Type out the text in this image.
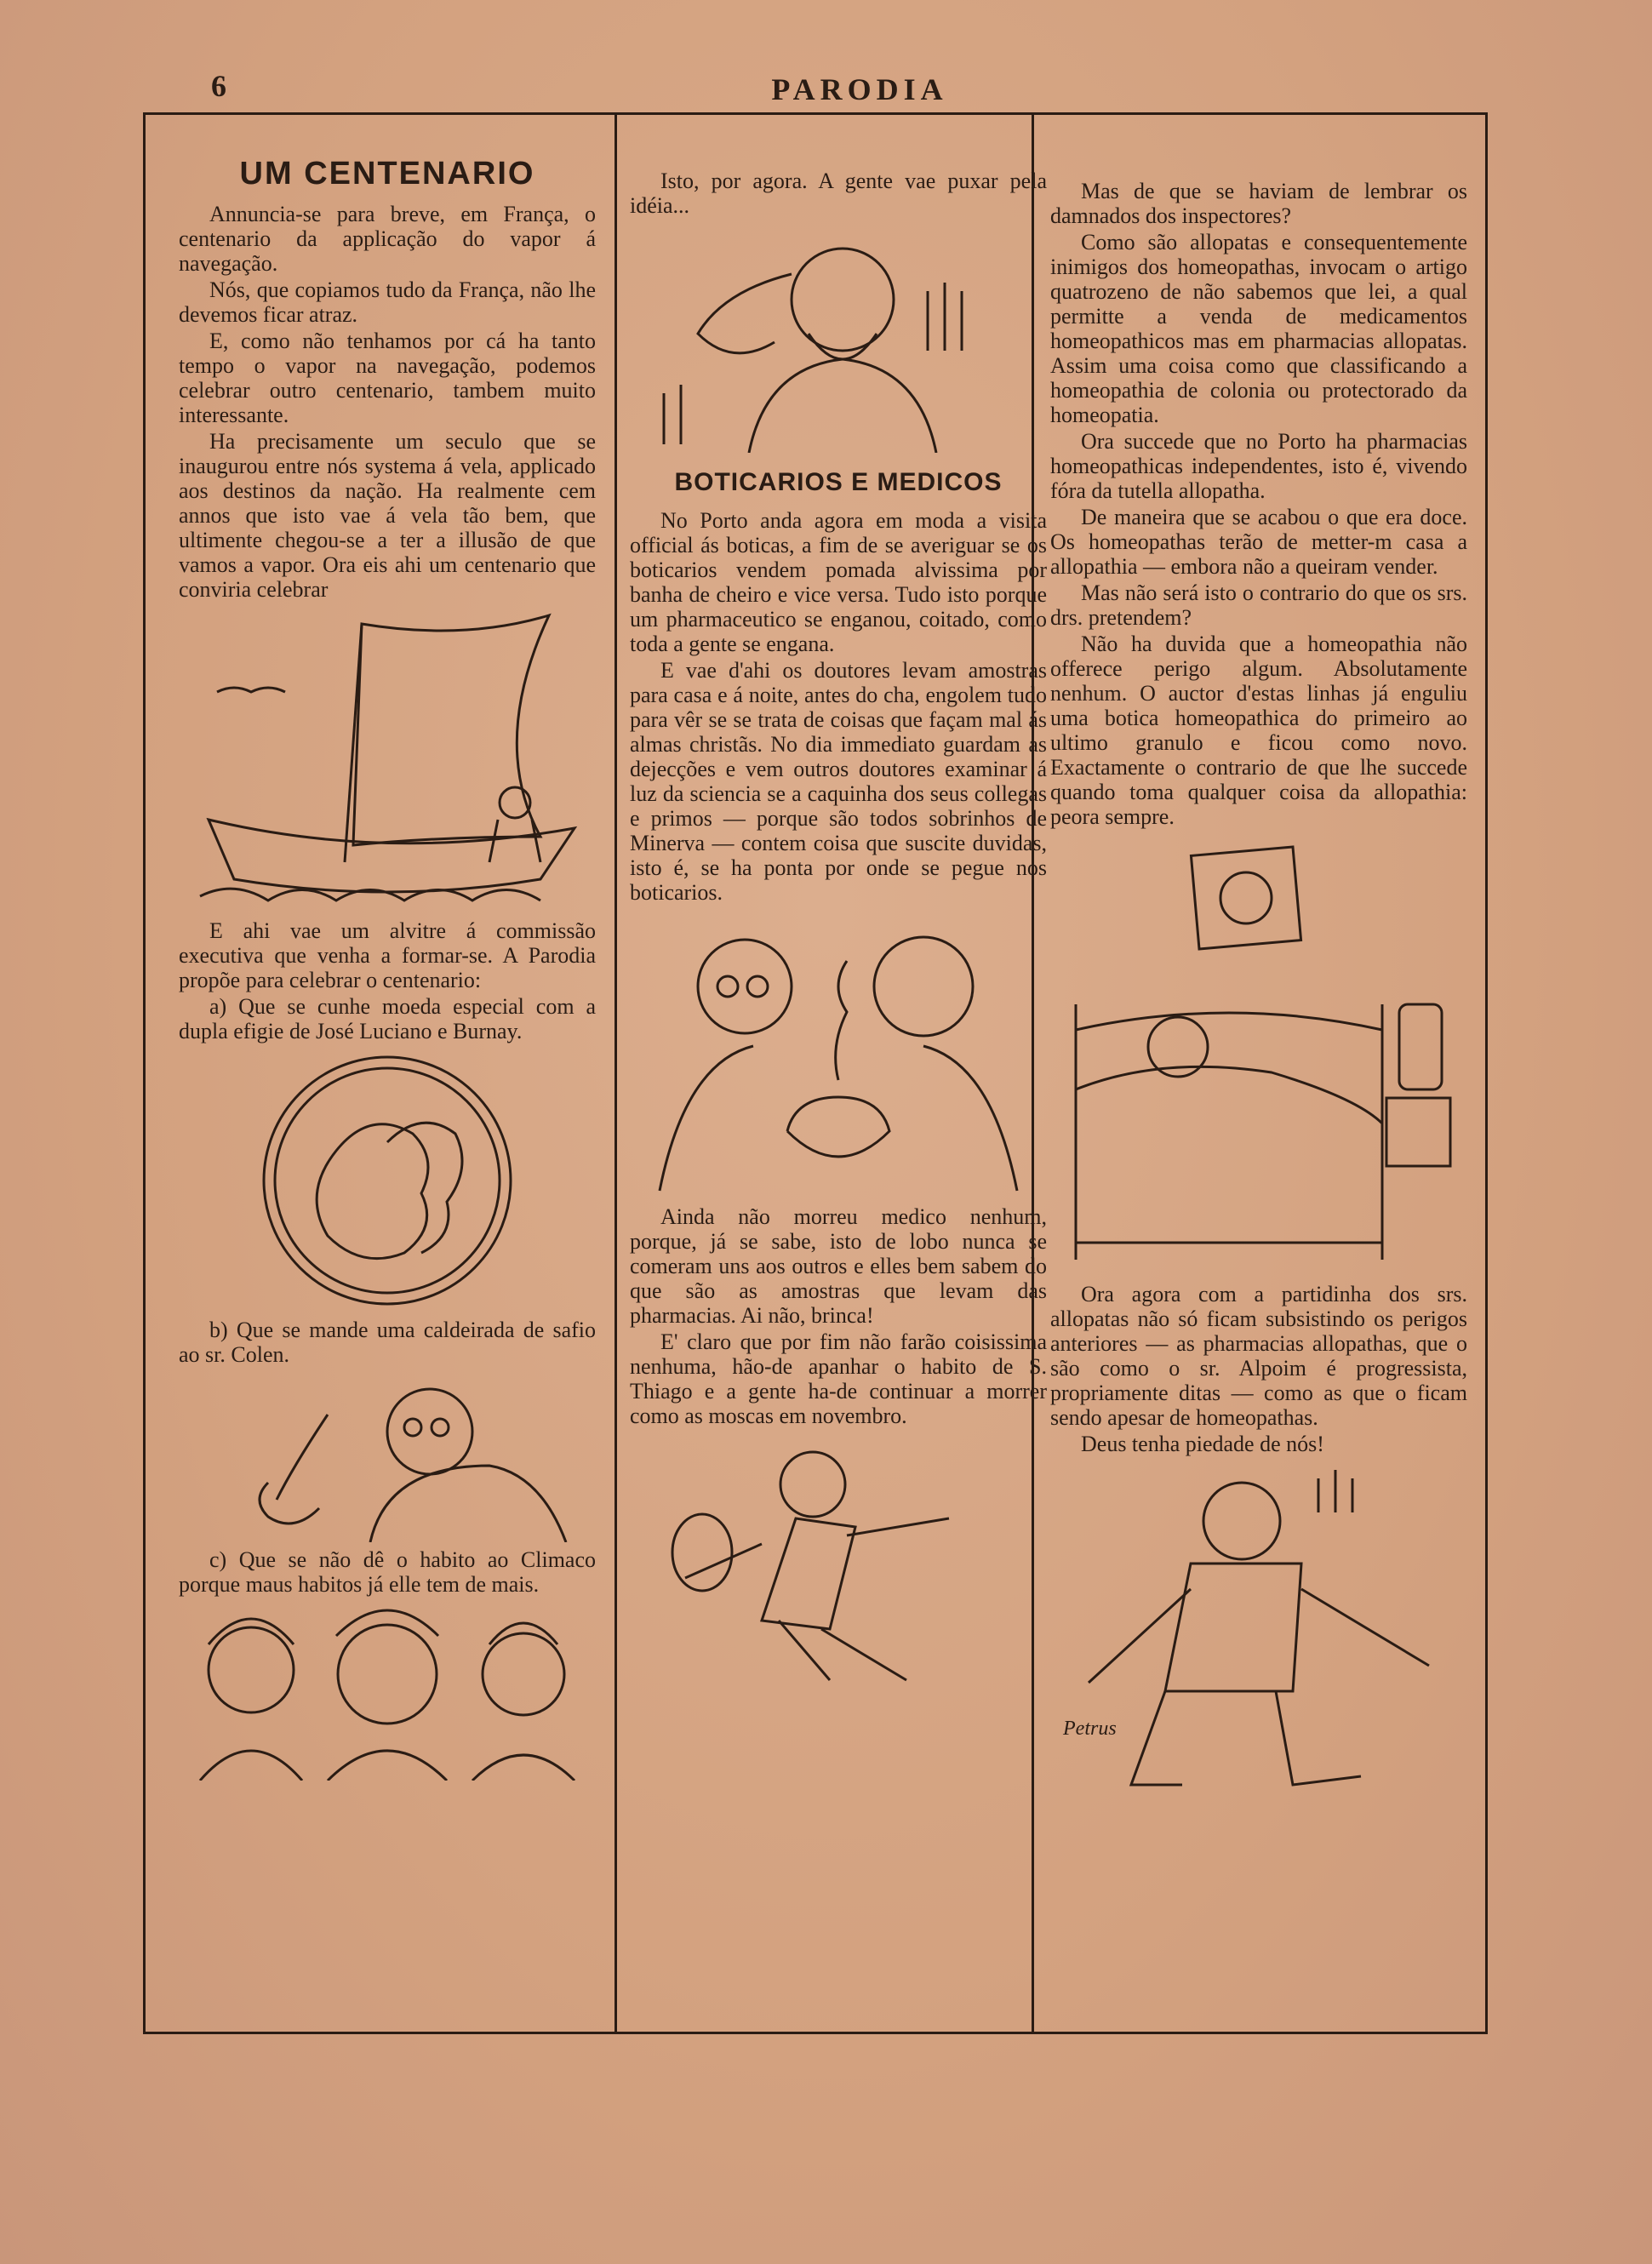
6	PARODIA
UM CENTENARIO

Annuncia-se para breve, em França, o centenario da applicação do vapor á navegação.

Nós, que copiamos tudo da França, não lhe devemos ficar atraz.

E, como não tenhamos por cá ha tanto tempo o vapor na navegação, podemos celebrar outro centenario, tambem muito interessante.

Ha precisamente um seculo que se inaugurou entre nós systema á vela, applicado aos destinos da nação. Ha realmente cem annos que isto vae á vela tão bem, que ultimente chegou-se a ter a illusão de que vamos a vapor. Ora eis ahi um centenario que conviria celebrar

E ahi vae um alvitre á commissão executiva que venha a formar-se. A Parodia propõe para celebrar o centenario:

a) Que se cunhe moeda especial com a dupla efigie de José Luciano e Burnay.

b) Que se mande uma caldeirada de safio ao sr. Colen.

c) Que se não dê o habito ao Climaco porque maus habitos já elle tem de mais.

Isto, por agora. A gente vae puxar pela idéia...

BOTICARIOS E MEDICOS

No Porto anda agora em moda a visita official ás boticas, a fim de se averiguar se os boticarios vendem pomada alvissima por banha de cheiro e vice versa. Tudo isto porque um pharmaceutico se enganou, coitado, como toda a gente se engana.

E vae d'ahi os doutores levam amostras para casa e á noite, antes do cha, engolem tudo para vêr se se trata de coisas que façam mal ás almas christãs. No dia immediato guardam as dejecções e vem outros doutores examinar á luz da sciencia se a caquinha dos seus collegas e primos — porque são todos sobrinhos de Minerva — contem coisa que suscite duvidas, isto é, se ha ponta por onde se pegue nos boticarios.

Ainda não morreu medico nenhum, porque, já se sabe, isto de lobo nunca se comeram uns aos outros e elles bem sabem do que são as amostras que levam das pharmacias. Ai não, brinca!

E' claro que por fim não farão coisissima nenhuma, hão-de apanhar o habito de S. Thiago e a gente ha-de continuar a morrer como as moscas em novembro.

Mas de que se haviam de lembrar os damnados dos inspectores?

Como são allopatas e consequentemente inimigos dos homeopathas, invocam o artigo quatrozeno de não sabemos que lei, a qual permitte a venda de medicamentos homeopathicos mas em pharmacias allopatas. Assim uma coisa como que classificando a homeopathia de colonia ou protectorado da homeopatia.

Ora succede que no Porto ha pharmacias homeopathicas independentes, isto é, vivendo fóra da tutella allopatha.

De maneira que se acabou o que era doce. Os homeopathas terão de metter-m casa a allopathia — embora não a queiram vender.

Mas não será isto o contrario do que os srs. drs. pretendem?

Não ha duvida que a homeopathia não offerece perigo algum. Absolutamente nenhum. O auctor d'estas linhas já enguliu uma botica homeopathica do primeiro ao ultimo granulo e ficou como novo. Exactamente o contrario de que lhe succede quando toma qualquer coisa da allopathia: peora sempre.

Ora agora com a partidinha dos srs. allopatas não só ficam subsistindo os perigos anteriores — as pharmacias allopathas, que o são como o sr. Alpoim é progressista, propriamente ditas — como as que o ficam sendo apesar de homeopathas.

Deus tenha piedade de nós!

Petrus
